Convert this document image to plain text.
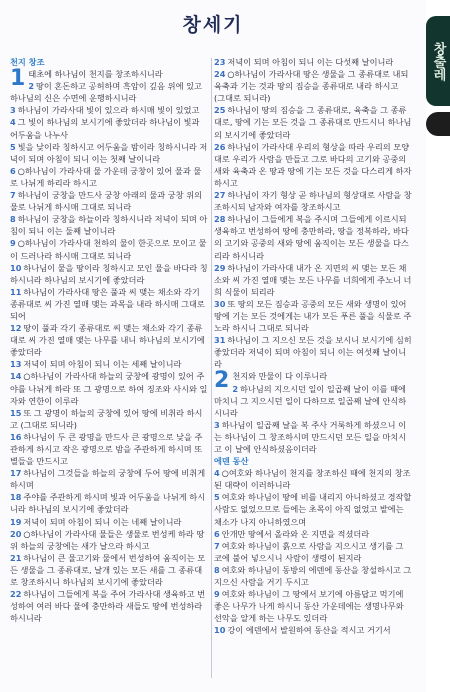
창세기
천지 창조
1 태초에 하나님이 천지를 창조하시니라
2 땅이 혼돈하고 공허하며 흑암이 깊음 위에 있고 하나님의 신은 수면에 운행하시니라
3 하나님이 가라사대 빛이 있으라 하시매 빛이 있었고
4 그 빛이 하나님의 보시기에 좋았더라 하나님이 빛과 어두움을 나누사
5 빛을 낮이라 칭하시고 어두움을 밤이라 칭하시니라 저녁이 되며 아침이 되니 이는 첫째 날이니라
6 ○하나님이 가라사대 물 가운데 궁창이 있어 물과 물로 나뉘게 하리라 하시고
7 하나님이 궁창을 만드사 궁창 아래의 물과 궁창 위의 물로 나뉘게 하시매 그대로 되니라
8 하나님이 궁창을 하늘이라 칭하시니라 저녁이 되며 아침이 되니 이는 둘째 날이니라
9 ○하나님이 가라사대 천하의 물이 한곳으로 모이고 뭍이 드러나라 하시매 그대로 되니라
10 하나님이 뭍을 땅이라 칭하시고 모인 물을 바다라 칭하시니라 하나님의 보시기에 좋았더라
11 하나님이 가라사대 땅은 풀과 씨 맺는 채소와 각기 종류대로 씨 가진 열매 맺는 과목을 내라 하시매 그대로 되어
12 땅이 풀과 각기 종류대로 씨 맺는 채소와 각기 종류대로 씨 가진 열매 맺는 나무를 내니 하나님의 보시기에 좋았더라
13 저녁이 되며 아침이 되니 이는 세째 날이니라
14 ○하나님이 가라사대 하늘의 궁창에 광명이 있어 주야를 나뉘게 하라 또 그 광명으로 하여 징조와 사시와 일자와 연한이 이루라
15 또 그 광명이 하늘의 궁창에 있어 땅에 비취라 하시고 (그대로 되니라)
16 하나님이 두 큰 광명을 만드사 큰 광명으로 낮을 주관하게 하시고 작은 광명으로 밤을 주관하게 하시며 또 별들을 만드시고
17 하나님이 그것들을 하늘의 궁창에 두어 땅에 비취게 하시며
18 주야를 주관하게 하시며 빛과 어두움을 나뉘게 하시니라 하나님의 보시기에 좋았더라
19 저녁이 되며 아침이 되니 이는 네째 날이니라
20 ○하나님이 가라사대 물들은 생물로 번성케 하라 땅위 하늘의 궁창에는 새가 날으라 하시고
21 하나님이 큰 물고기와 물에서 번성하여 움직이는 모든 생물을 그 종류대로, 날개 있는 모든 새를 그 종류대로 창조하시니 하나님의 보시기에 좋았더라
22 하나님이 그들에게 복을 주어 가라사대 생육하고 번성하여 여러 바다 물에 충만하라 새들도 땅에 번성하라 하시니라
23 저녁이 되며 아침이 되니 이는 다섯째 날이니라
24 ○하나님이 가라사대 땅은 생물을 그 종류대로 내되 육축과 기는 것과 땅의 짐승을 종류대로 내라 하시고 (그대로 되니라)
25 하나님이 땅의 짐승을 그 종류대로, 육축을 그 종류대로, 땅에 기는 모든 것을 그 종류대로 만드시니 하나님의 보시기에 좋았더라
26 하나님이 가라사대 우리의 형상을 따라 우리의 모양대로 우리가 사람을 만들고 그로 바다의 고기와 공중의 새와 육축과 온 땅과 땅에 기는 모든 것을 다스리게 하자 하시고
27 하나님이 자기 형상 곧 하나님의 형상대로 사람을 창조하시되 남자와 여자를 창조하시고
28 하나님이 그들에게 복을 주시며 그들에게 이르시되 생육하고 번성하여 땅에 충만하라, 땅을 정복하라, 바다의 고기와 공중의 새와 땅에 움직이는 모든 생물을 다스리라 하시니라
29 하나님이 가라사대 내가 온 지면의 씨 맺는 모든 채소와 씨 가진 열매 맺는 모든 나무를 너희에게 주노니 너희 식물이 되리라
30 또 땅의 모든 짐승과 공중의 모든 새와 생명이 있어 땅에 기는 모든 것에게는 내가 모든 푸른 풀을 식물로 주노라 하시니 그대로 되니라
31 하나님이 그 지으신 모든 것을 보시니 보시기에 심히 좋았더라 저녁이 되며 아침이 되니 이는 여섯째 날이니라
2 천지와 만물이 다 이루니라
2 하나님의 지으시던 일이 일곱째 날이 이를 때에 마치니 그 지으시던 일이 다하므로 일곱째 날에 안식하시니라
3 하나님이 일곱째 날을 복 주사 거룩하게 하셨으니 이는 하나님이 그 창조하시며 만드시던 모든 일을 마치시고 이 날에 안식하셨음이더라
에덴 동산
4 ○여호와 하나님이 천지를 창조하신 때에 천지의 창조된 대략이 이러하니라
5 여호와 하나님이 땅에 비를 내리지 아니하셨고 경작할 사람도 없었으므로 들에는 초목이 아직 없었고 밭에는 채소가 나지 아니하였으며
6 안개만 땅에서 올라와 온 지면을 적셨더라
7 여호와 하나님이 흙으로 사람을 지으시고 생기를 그 코에 불어 넣으시니 사람이 생령이 된지라
8 여호와 하나님이 동방의 에덴에 동산을 창설하시고 그 지으신 사람을 거기 두시고
9 여호와 하나님이 그 땅에서 보기에 아름답고 먹기에 좋은 나무가 나게 하시니 동산 가운데에는 생명나무와 선악을 알게 하는 나무도 있더라
10 강이 에덴에서 발원하여 동산을 적시고 거기서
창출레
